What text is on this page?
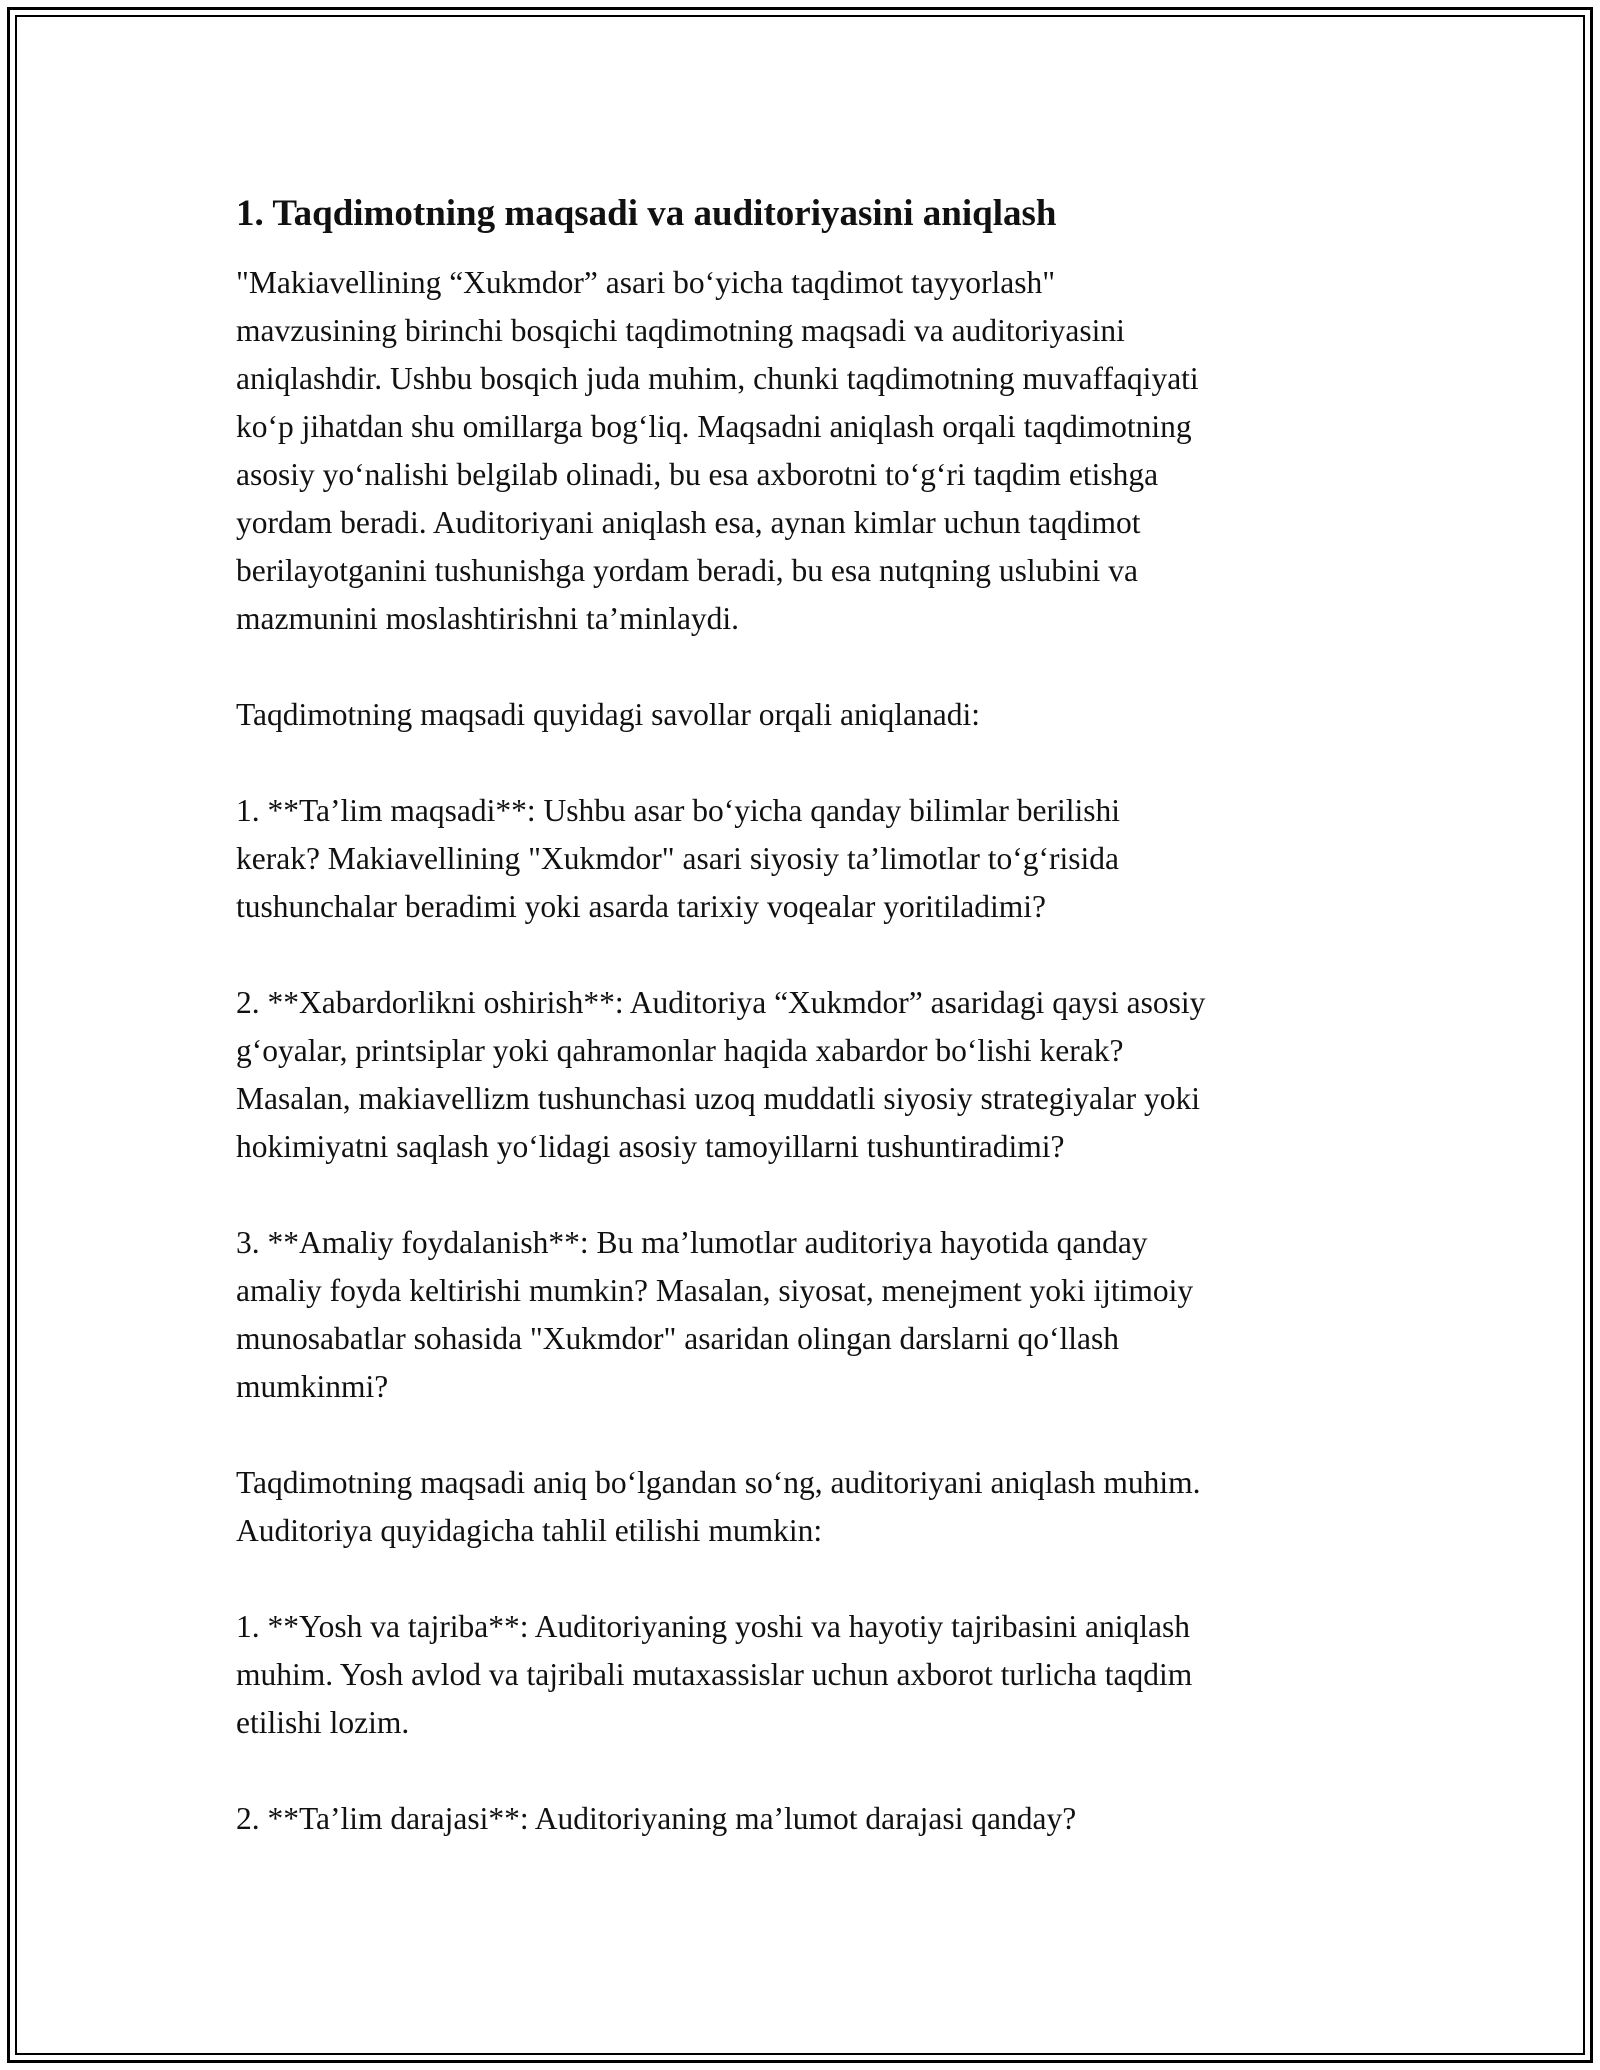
1. Taqdimotning maqsadi va auditoriyasini aniqlash

"Makiavellining “Xukmdor” asari bo‘yicha taqdimot tayyorlash"
mavzusining birinchi bosqichi taqdimotning maqsadi va auditoriyasini
aniqlashdir. Ushbu bosqich juda muhim, chunki taqdimotning muvaffaqiyati
ko‘p jihatdan shu omillarga bog‘liq. Maqsadni aniqlash orqali taqdimotning
asosiy yo‘nalishi belgilab olinadi, bu esa axborotni to‘g‘ri taqdim etishga
yordam beradi. Auditoriyani aniqlash esa, aynan kimlar uchun taqdimot
berilayotganini tushunishga yordam beradi, bu esa nutqning uslubini va
mazmunini moslashtirishni ta’minlaydi.

Taqdimotning maqsadi quyidagi savollar orqali aniqlanadi:

1. **Ta’lim maqsadi**: Ushbu asar bo‘yicha qanday bilimlar berilishi
kerak? Makiavellining "Xukmdor" asari siyosiy ta’limotlar to‘g‘risida
tushunchalar beradimi yoki asarda tarixiy voqealar yoritiladimi?

2. **Xabardorlikni oshirish**: Auditoriya “Xukmdor” asaridagi qaysi asosiy
g‘oyalar, printsiplar yoki qahramonlar haqida xabardor bo‘lishi kerak?
Masalan, makiavellizm tushunchasi uzoq muddatli siyosiy strategiyalar yoki
hokimiyatni saqlash yo‘lidagi asosiy tamoyillarni tushuntiradimi?

3. **Amaliy foydalanish**: Bu ma’lumotlar auditoriya hayotida qanday
amaliy foyda keltirishi mumkin? Masalan, siyosat, menejment yoki ijtimoiy
munosabatlar sohasida "Xukmdor" asaridan olingan darslarni qo‘llash
mumkinmi?

Taqdimotning maqsadi aniq bo‘lgandan so‘ng, auditoriyani aniqlash muhim.
Auditoriya quyidagicha tahlil etilishi mumkin:

1. **Yosh va tajriba**: Auditoriyaning yoshi va hayotiy tajribasini aniqlash
muhim. Yosh avlod va tajribali mutaxassislar uchun axborot turlicha taqdim
etilishi lozim.

2. **Ta’lim darajasi**: Auditoriyaning ma’lumot darajasi qanday?
